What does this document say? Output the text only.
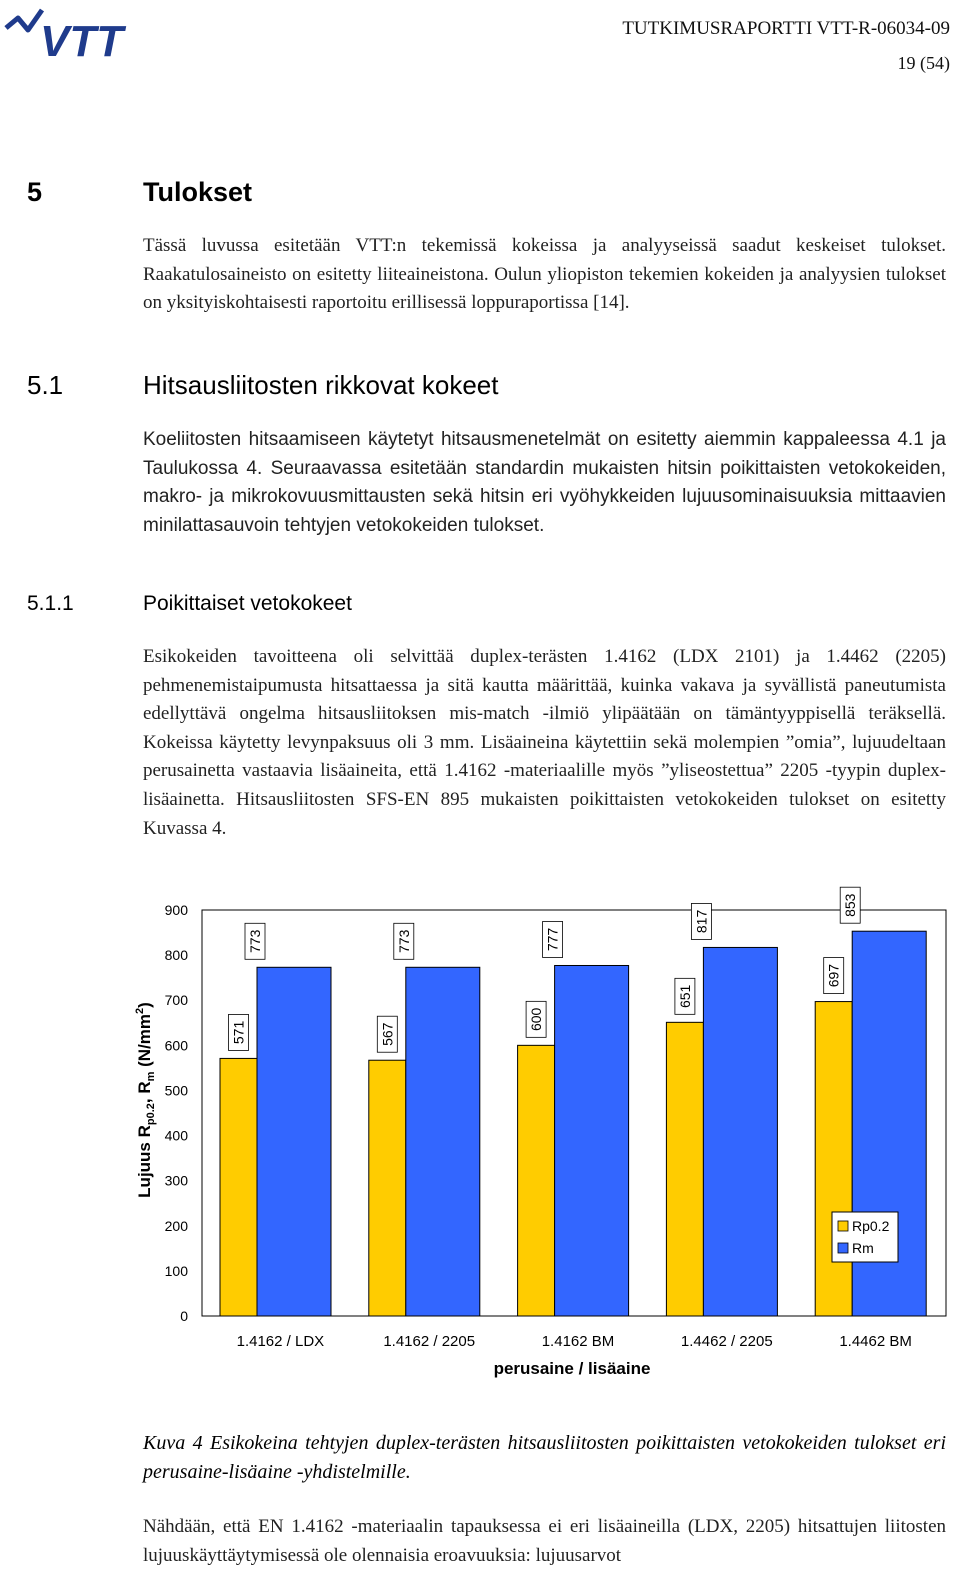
VTT	TUTKIMUSRAPORTTI VTT-R-06034-09
19 (54)
5	Tulokset

Tässä luvussa esitetään VTT:n tekemissä kokeissa ja analyyseissä saadut keskeiset tulokset. Raakatulosaineisto on esitetty liiteaineistona. Oulun yliopiston tekemien kokeiden ja analyysien tulokset on yksityiskohtaisesti raportoitu erillisessä loppuraportissa [14].

5.1	Hitsausliitosten rikkovat kokeet

Koeliitosten hitsaamiseen käytetyt hitsausmenetelmät on esitetty aiemmin kappaleessa 4.1 ja Taulukossa 4. Seuraavassa esitetään standardin mukaisten hitsin poikittaisten vetokokeiden, makro- ja mikrokovuusmittausten sekä hitsin eri vyöhykkeiden lujuusominaisuuksia mittaavien minilattasauvoin tehtyjen vetokokeiden tulokset.

5.1.1	Poikittaiset vetokokeet

Esikokeiden tavoitteena oli selvittää duplex-terästen 1.4162 (LDX 2101) ja 1.4462 (2205) pehmenemistaipumusta hitsattaessa ja sitä kautta määrittää, kuinka vakava ja syvällistä paneutumista edellyttävä ongelma hitsausliitoksen mis-match -ilmiö ylipäätään on tämäntyyppisellä teräksellä. Kokeissa käytetty levynpaksuus oli 3 mm. Lisäaineina käytettiin sekä molempien ”omia”, lujuudeltaan perusainetta vastaavia lisäaineita, että 1.4162 -materiaalille myös ”yliseostettua” 2205 -tyypin duplex-lisäainetta. Hitsausliitosten SFS-EN 895 mukaisten poikittaisten vetokokeiden tulokset on esitetty Kuvassa 4.

Lujuus $R_{p0.2}$, $R_m$ $(N/mm^2)$
0
100
200
300
400
500
600
700
800
900
571
773
567
773
600
777
651
817
697
853
1.4162 / LDX	1.4162 / 2205	1.4162 BM	1.4462 / 2205	1.4462 BM
perusaine / lisäaine
Rp0.2
Rm

Kuva 4 Esikokeina tehtyjen duplex-terästen hitsausliitosten poikittaisten vetokokeiden tulokset eri perusaine-lisäaine -yhdistelmille.

Nähdään, että EN 1.4162 -materiaalin tapauksessa ei eri lisäaineilla (LDX, 2205) hitsattujen liitosten lujuuskäyttäytymisessä ole olennaisia eroavuuksia: lujuusarvot
